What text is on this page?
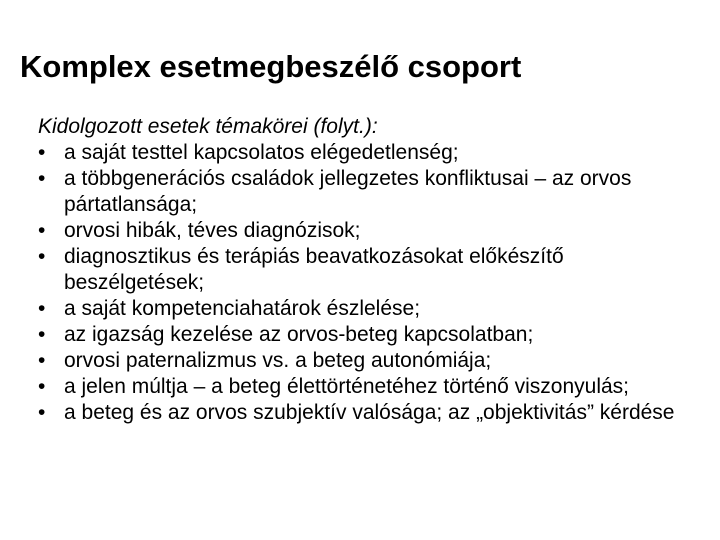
Komplex esetmegbeszélő csoport
Kidolgozott esetek témakörei (folyt.):
• a saját testtel kapcsolatos elégedetlenség;
• a többgenerációs családok jellegzetes konfliktusai – az orvos pártatlansága;
• orvosi hibák, téves diagnózisok;
• diagnosztikus és terápiás beavatkozásokat előkészítő beszélgetések;
• a saját kompetenciahatárok észlelése;
• az igazság kezelése az orvos-beteg kapcsolatban;
• orvosi paternalizmus vs. a beteg autonómiája;
• a jelen múltja – a beteg élettörténetéhez történő viszonyulás;
• a beteg és az orvos szubjektív valósága; az „objektivitás” kérdése
